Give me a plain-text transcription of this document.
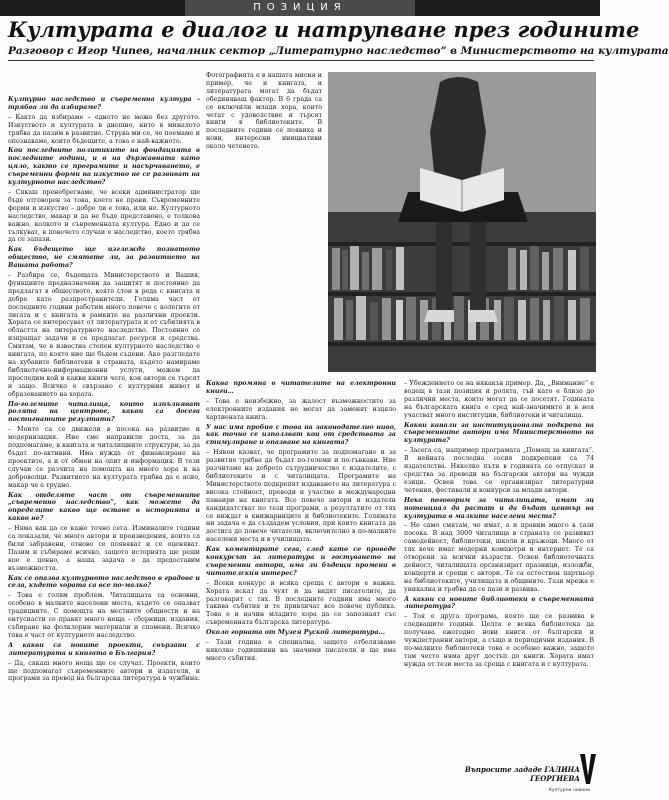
ПОЗИЦИЯ
Културата е диалог и натрупване през годините
Разговор с Игор Чипев, началник сектор „Литературно наследство” в Министерството на културата

Културно наследство и съвременна култура – трябва ли да избираме?

– Както да избираме – едното не може без другото. Изкуството и културата в днешно, нито в миналото трябва да пазим в развитие. Струва ми се, че поемаме и опознаваме, които бъдещите, а това е най-важното.

Кои последните политиките на фондацията в последните години, и в на държавната като цяло, както се програмите и насърчаването, е съвременни форми на изкуство не се развиват на културното наследство?

– Сякаш пренебрегваме, че всеки администратор ще бъде отговорен за това, което не прави. Съвременните форми и изкуство – добре ли е това, или не. Културното наследство, макар и да не бъде представено, е толкова важно, колкото и съвременната култура. Едно и да се тълкуват, в повечето случаи е наследство, което трябва да се запази.

Как бъдещето ще изглежда познатото общество, не смятате ли, за развитието на Вашата работа?

– Разбира се, бъдещата Министерството и Вашия, функциите предназначени да защитят и постоянно да предлагат в обществото, която стои в реда с книгата и добре като разпространители. Голяма част от последните години работим много повече с колегите от лигата и с книгата в рамките на различни проекти. Хората се интересуват от литературата и от събитията в областта на литературното наследство. Постоянно се изпращат задачи и се предлагат ресурси и средства. Смятам, че в известна степен културното наследство е книгата, по която ние ще бъдем съдени. Ако разгледате на хубавите библиотеки в страната, където намираме библиотечно-информационни услуги, можем да проследим кой и какви книги чете, кои автори се търсят и защо. Всичко е свързано с културния живот и образованието на хората.

По-големите читалища, които изпълняват ролята на центрове, какви са досега постигнатите резултати?

– Моите са се движели в посока на развитие и модернизация. Ние сме направили доста, за да подпомагаме, в книгата и читалищните структури, за да бъдат по-активни. Има нужда от финансиране на проектите, а и от обмен на опит и информация. В тези случаи се разчита на помощта на много хора и на доброволци. Развитието на културата трябва да е ясно, макар че е трудно.

Как отделяте част от съвременните „съвременно наследство”, как можете да определите какво ще остане в историята и какво не?

– Няма как да се каже точно сега. Изминалите години са показали, че много автори и произведения, които са били забравени, отново се появяват и се оценяват. Пазим и събираме всичко, защото историята ще реши кое е ценно, а наша задача е да предоставим възможността.

Как се опазва културното наследство в градове и села, където хората са все по-малко?

– Това е голям проблем. Читалищата са основни, особено в малките населени места, където се опазват традициите. С помощта на местните общности и на ентусиасти се правят много неща – сборници, издания, събиране на фолклорни материали и спомени. Всичко това е част от културното наследство.

А какви са новите проекти, свързани с литературата и книгата в България?

– Да, сякаш много неща ще се случат. Проекти, които ще подпомагат съвременните автори и издатели, и програми за превод на българска литература в чужбина.

Фотографията е в нашата мисия и пример, че и книгата, и литературата могат да бъдат обединяващ фактор. В 6 града са се включили млади хора, които четат с удоволствие и търсят книги в библиотеките. В последните години се появиха и нови, интересни инициативи около четенето.

Каква промяна в читателите на електронни книги…

– Това е неизбежно, за жалост възможностите за електронните издания не могат да заменят изцяло хартиената книга.

У нас има пробив с това на законодателно ниво, как точно се използват кои от средствата за стимулиране и опазване на книгата?

– Някои казват, че програмите за подпомагане и за развитие трябва да бъдат по-големи и по-гъвкави. Ние разчитаме на доброто сътрудничество с издателите, с библиотеките и с читалищата. Програмите на Министерството подкрепят издаването на литература с висока стойност, преводи и участие в международни панаири на книгата. Все повече автори и издатели кандидатстват по тези програми, а резултатите от тях се виждат в книжарниците и библиотеките. Голямата ни задача е да създадем условия, при които книгата да достига до повече читатели, включително в по-малките населени места и в училищата.

Как коментирате сега, след като се проведе конкурсът за литература и гостуването на съвременни автори, има ли бъдещи промени в читателския интерес?

– Всеки конкурс и всяка среща с автори е важна. Хората искат да чуят и да видят писателите, да разговарят с тях. В последните години има много такива събития и те привличат все повече публика. Това е и начин младите хора да се запознаят със съвременната българска литература.

Около горната от Музея Руской литература...

– Тази година е специална, защото отбелязваме няколко годишнини на значими писатели и ще има много събития.

– Убеждението се на някакъв пример. Да, „Внимание” е водещ в тази позиция и ролята, тъй като е близо до различни места, които могат да се посетят. Годината на българската книга е сред най-значимите и в нея участват много институции, библиотеки и читалища.

Какви канали за институционална подкрепа на съвременните автори има Министерството на културата?

– Засега са, например програмата „Помощ за книгата”. В нейната последна сесия подкрепени са 74 издателства. Няколко пъти в годината се отпускат и средства за преводи на български автори на чужди езици. Освен това се организират литературни четения, фестивали и конкурси за млади автори.

Нека поговорим за читалищата, имат ли потенциал да растат и да бъдат център на културата в малките населени места?

– Не само смятам, че имат, а и правим много в тази посока. В над 3000 читалища в страната се развиват самодейност, библиотеки, школи и кръжоци. Много от тях вече имат модерни компютри и интернет. Те са отворени за всички възрасти. Освен библиотечната дейност, читалищата организират празници, изложби, концерти и срещи с автори. Те са естествен партньор на библиотеките, училищата и общините. Тази мрежа е уникална и трябва да се пази и развива.

А какви са новите библиотеки в съвременната литература?

– Тоя е друга програма, която ще се развива в следващите години. Целта е всяка библиотека да получава ежегодно нови книги от български и чуждестранни автори, а също и периодични издания. В по-малките библиотеки това е особено важно, защото там често няма друг достъп до книги. Хората имат нужда от тези места за среща с книгата и с културата.

Въпросите зададе ГАЛИНА ГЕОРГИЕВА
Културни новини
